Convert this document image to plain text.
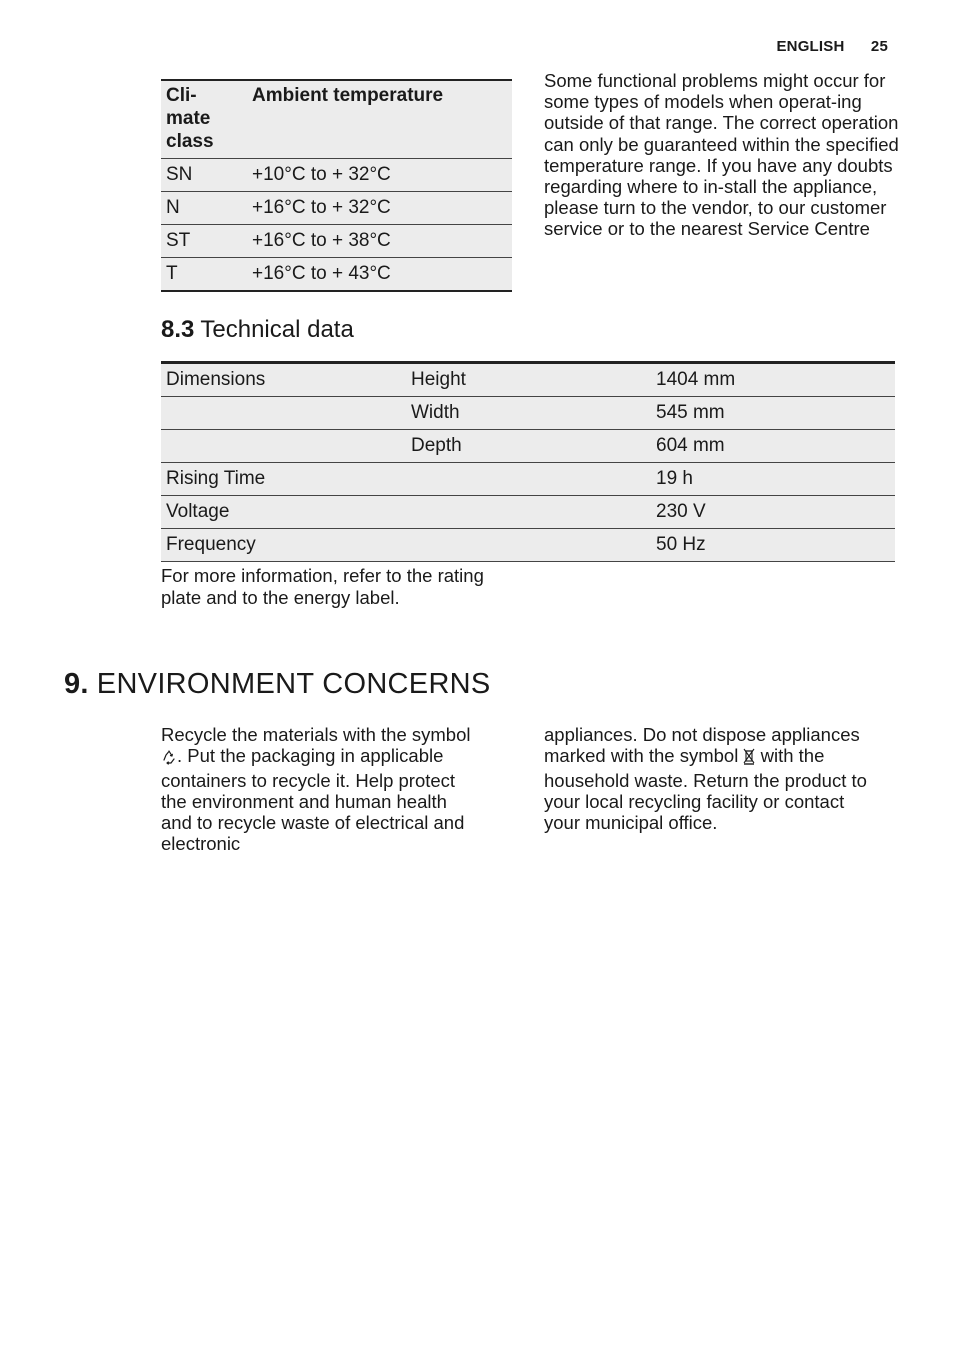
ENGLISH 25
Cli-
mate
class	Ambient temperature
SN	+10°C to + 32°C
N	+16°C to + 32°C
ST	+16°C to + 38°C
T	+16°C to + 43°C

Some functional problems might occur for some types of models when operat-ing outside of that range. The correct operation can only be guaranteed within the specified temperature range. If you have any doubts regarding where to in-stall the appliance, please turn to the vendor, to our customer service or to the nearest Service Centre

8.3 Technical data
Dimensions	Height	1404 mm
	Width	545 mm
	Depth	604 mm
Rising Time		19 h
Voltage		230 V
Frequency		50 Hz

For more information, refer to the rating plate and to the energy label.

9. ENVIRONMENT CONCERNS

Recycle the materials with the symbol . Put the packaging in applicable containers to recycle it. Help protect the environment and human health and to recycle waste of electrical and electronic

appliances. Do not dispose appliances marked with the symbol with the household waste. Return the product to your local recycling facility or contact your municipal office.
